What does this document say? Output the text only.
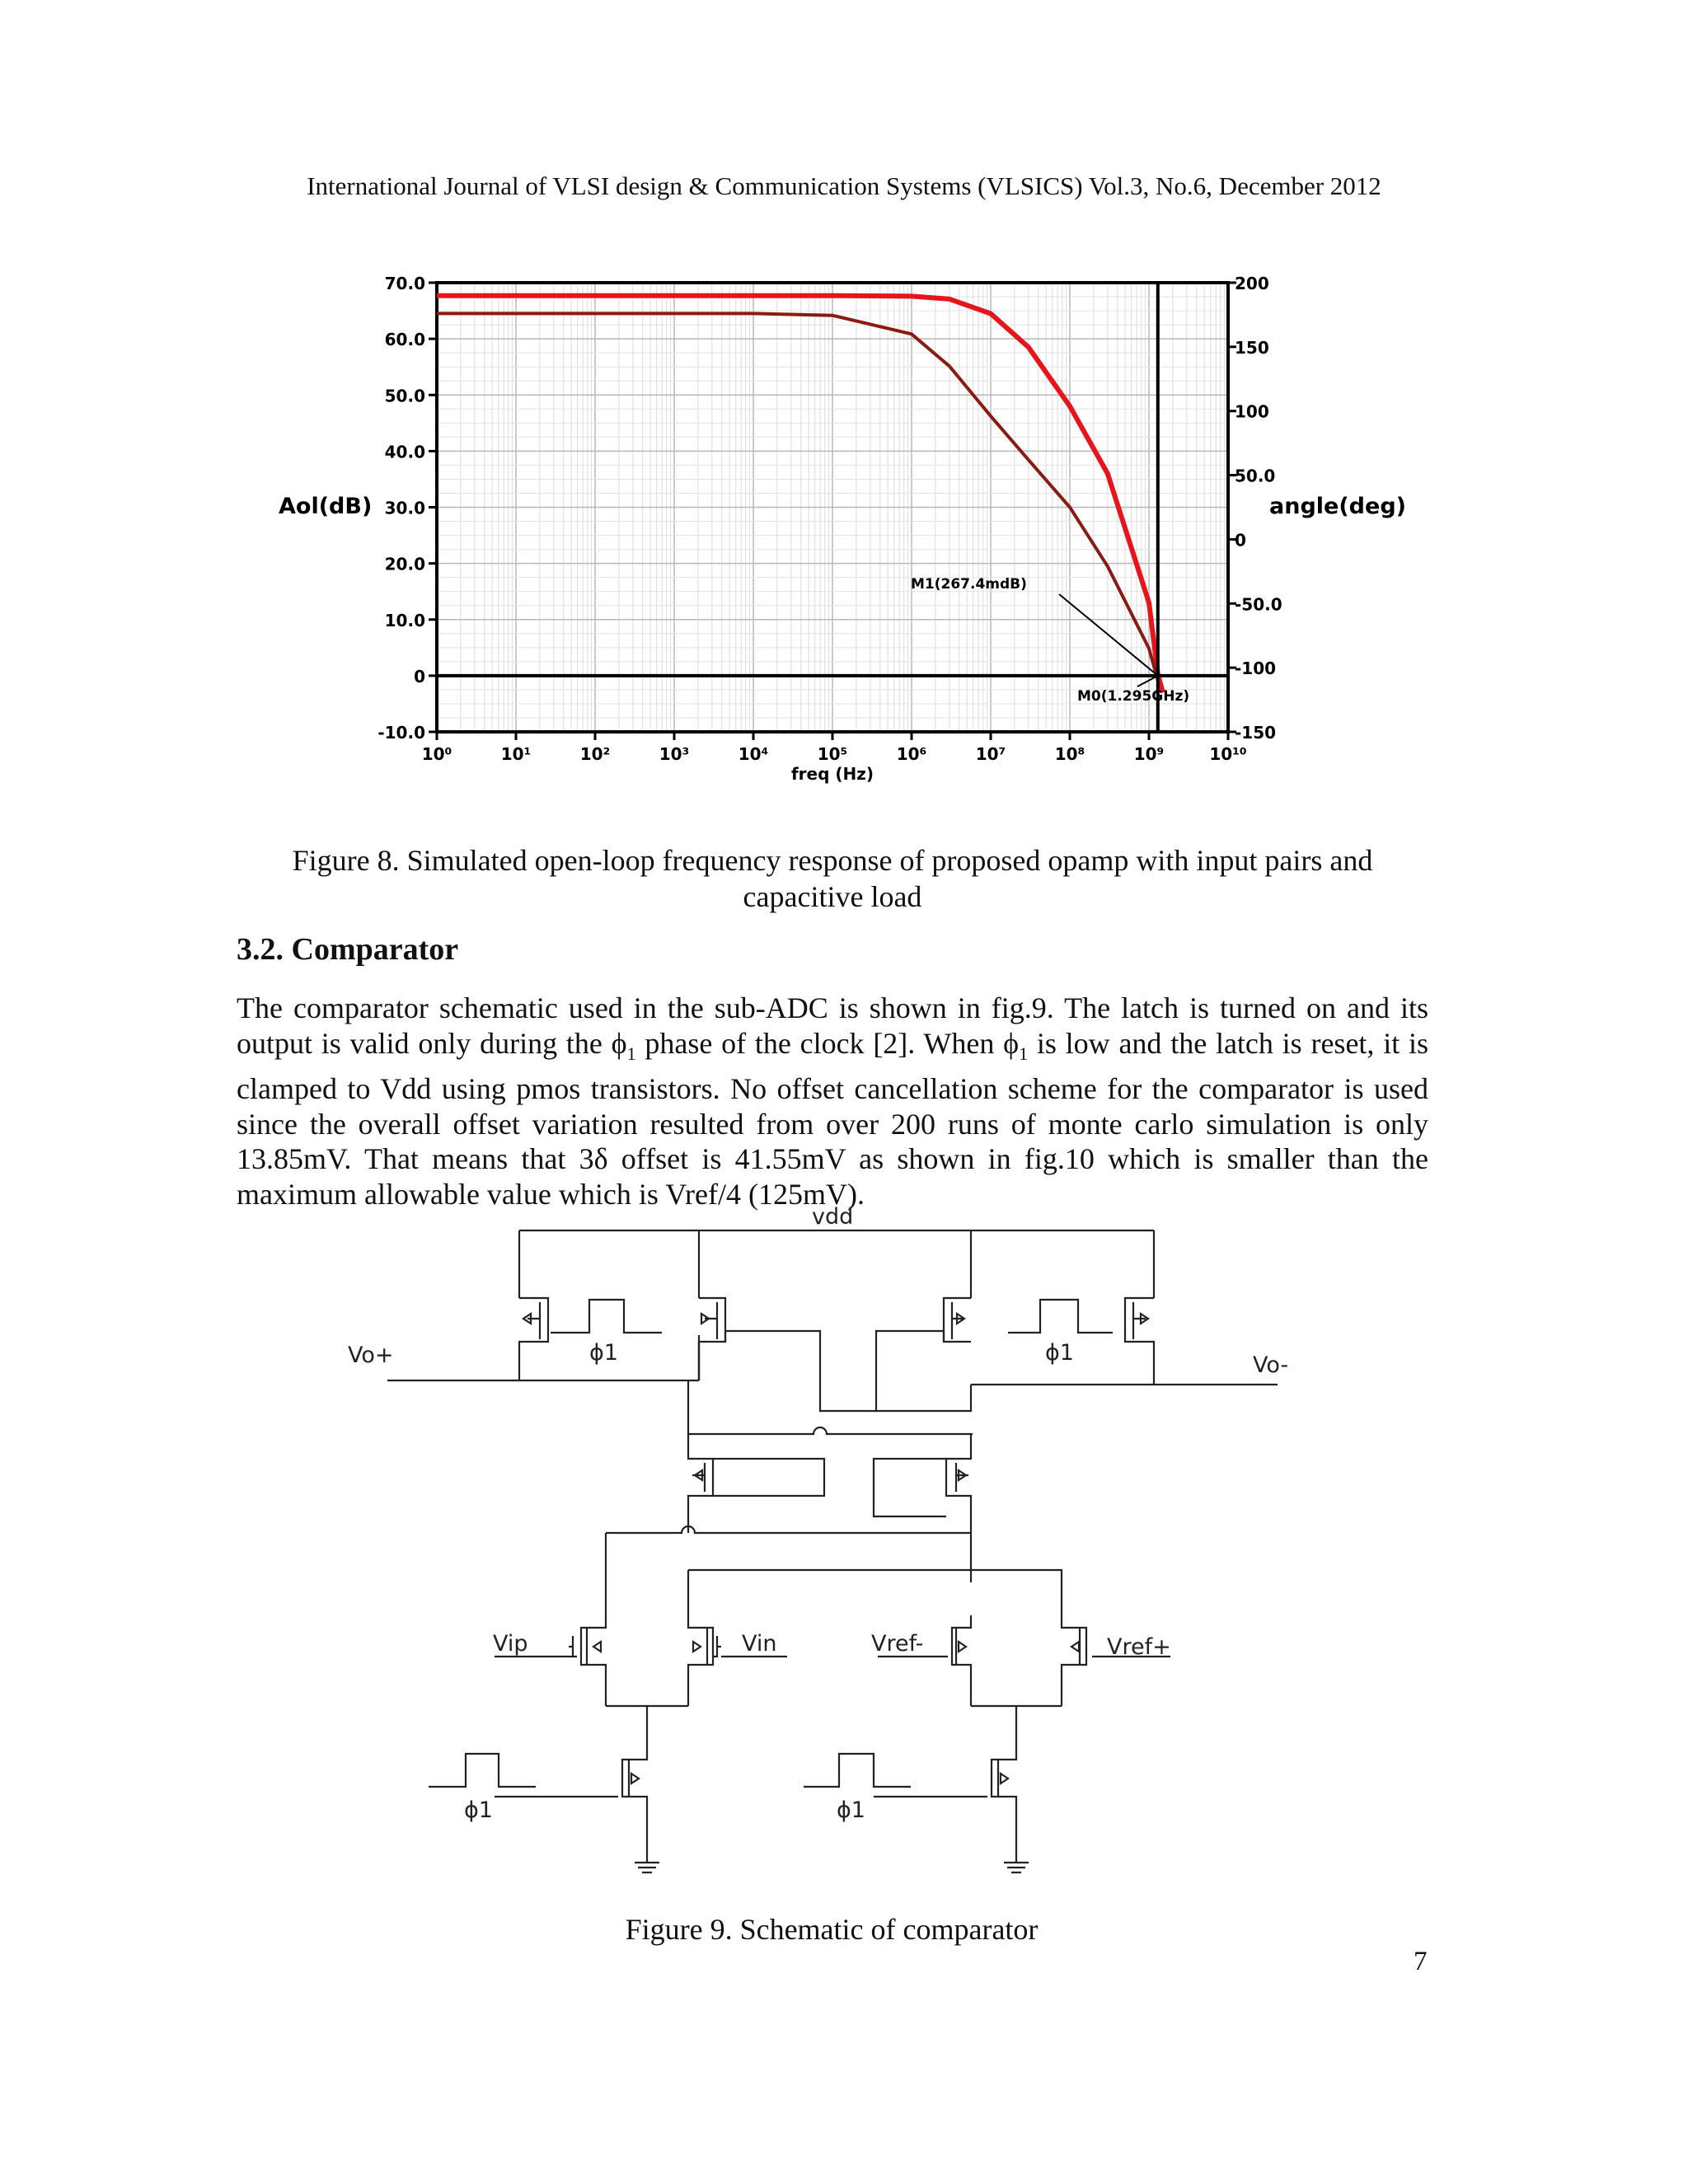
International Journal of VLSI design & Communication Systems (VLSICS) Vol.3, No.6, December 2012
70.0
60.0
50.0
40.0
30.0
20.0
10.0
0
-10.0
200
150
100
50.0
0
-50.0
-100
-150
10⁰	10¹	10²	10³	10⁴	10⁵	10⁶	10⁷	10⁸	10⁹	10¹⁰
M1(267.4mdB)
M0(1.295GHz)
Aol(dB)	angle(deg)
freq (Hz)
Figure 8. Simulated open-loop frequency response of proposed opamp with input pairs and
capacitive load
3.2. Comparator
The comparator schematic used in the sub-ADC is shown in fig.9. The latch is turned on and its output is valid only during the $\phi_1$ phase of the clock [2]. When $\phi_1$ is low and the latch is reset, it is clamped to Vdd using pmos transistors. No offset cancellation scheme for the comparator is used since the overall offset variation resulted from over 200 runs of monte carlo simulation is only 13.85mV. That means that 3δ offset is 41.55mV as shown in fig.10 which is smaller than the maximum allowable value which is Vref/4 (125mV).
vdd
Vo+	Vo-
ϕ1	ϕ1
Vip	Vin	Vref-	Vref+
ϕ1	ϕ1
Figure 9. Schematic of comparator
7
